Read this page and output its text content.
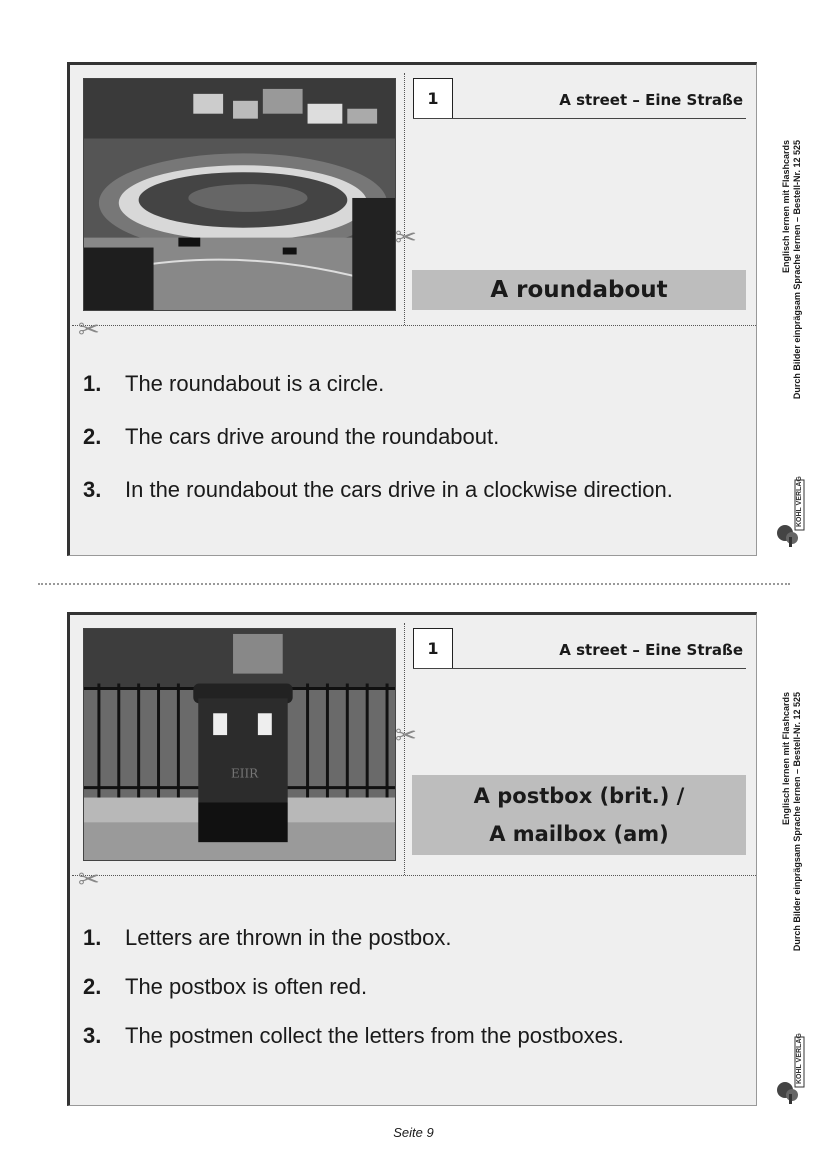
✂
✂
1	A street – Eine Straße
A roundabout
1.	The roundabout is a circle.
2.	The cars drive around the roundabout.
3.	In the roundabout the cars drive in a clockwise direction.
Englisch lernen mit Flashcards Durch Bilder einprägsam Sprache lernen – Bestell-Nr. 12 525
KOHL VERLAG
EIIR
✂
✂
1	A street – Eine Straße
A postbox (brit.) /
A mailbox (am)
1.	Letters are thrown in the postbox.
2.	The postbox is often red.
3.	The postmen collect the letters from the postboxes.
Englisch lernen mit Flashcards Durch Bilder einprägsam Sprache lernen – Bestell-Nr. 12 525
KOHL VERLAG
Seite 9
